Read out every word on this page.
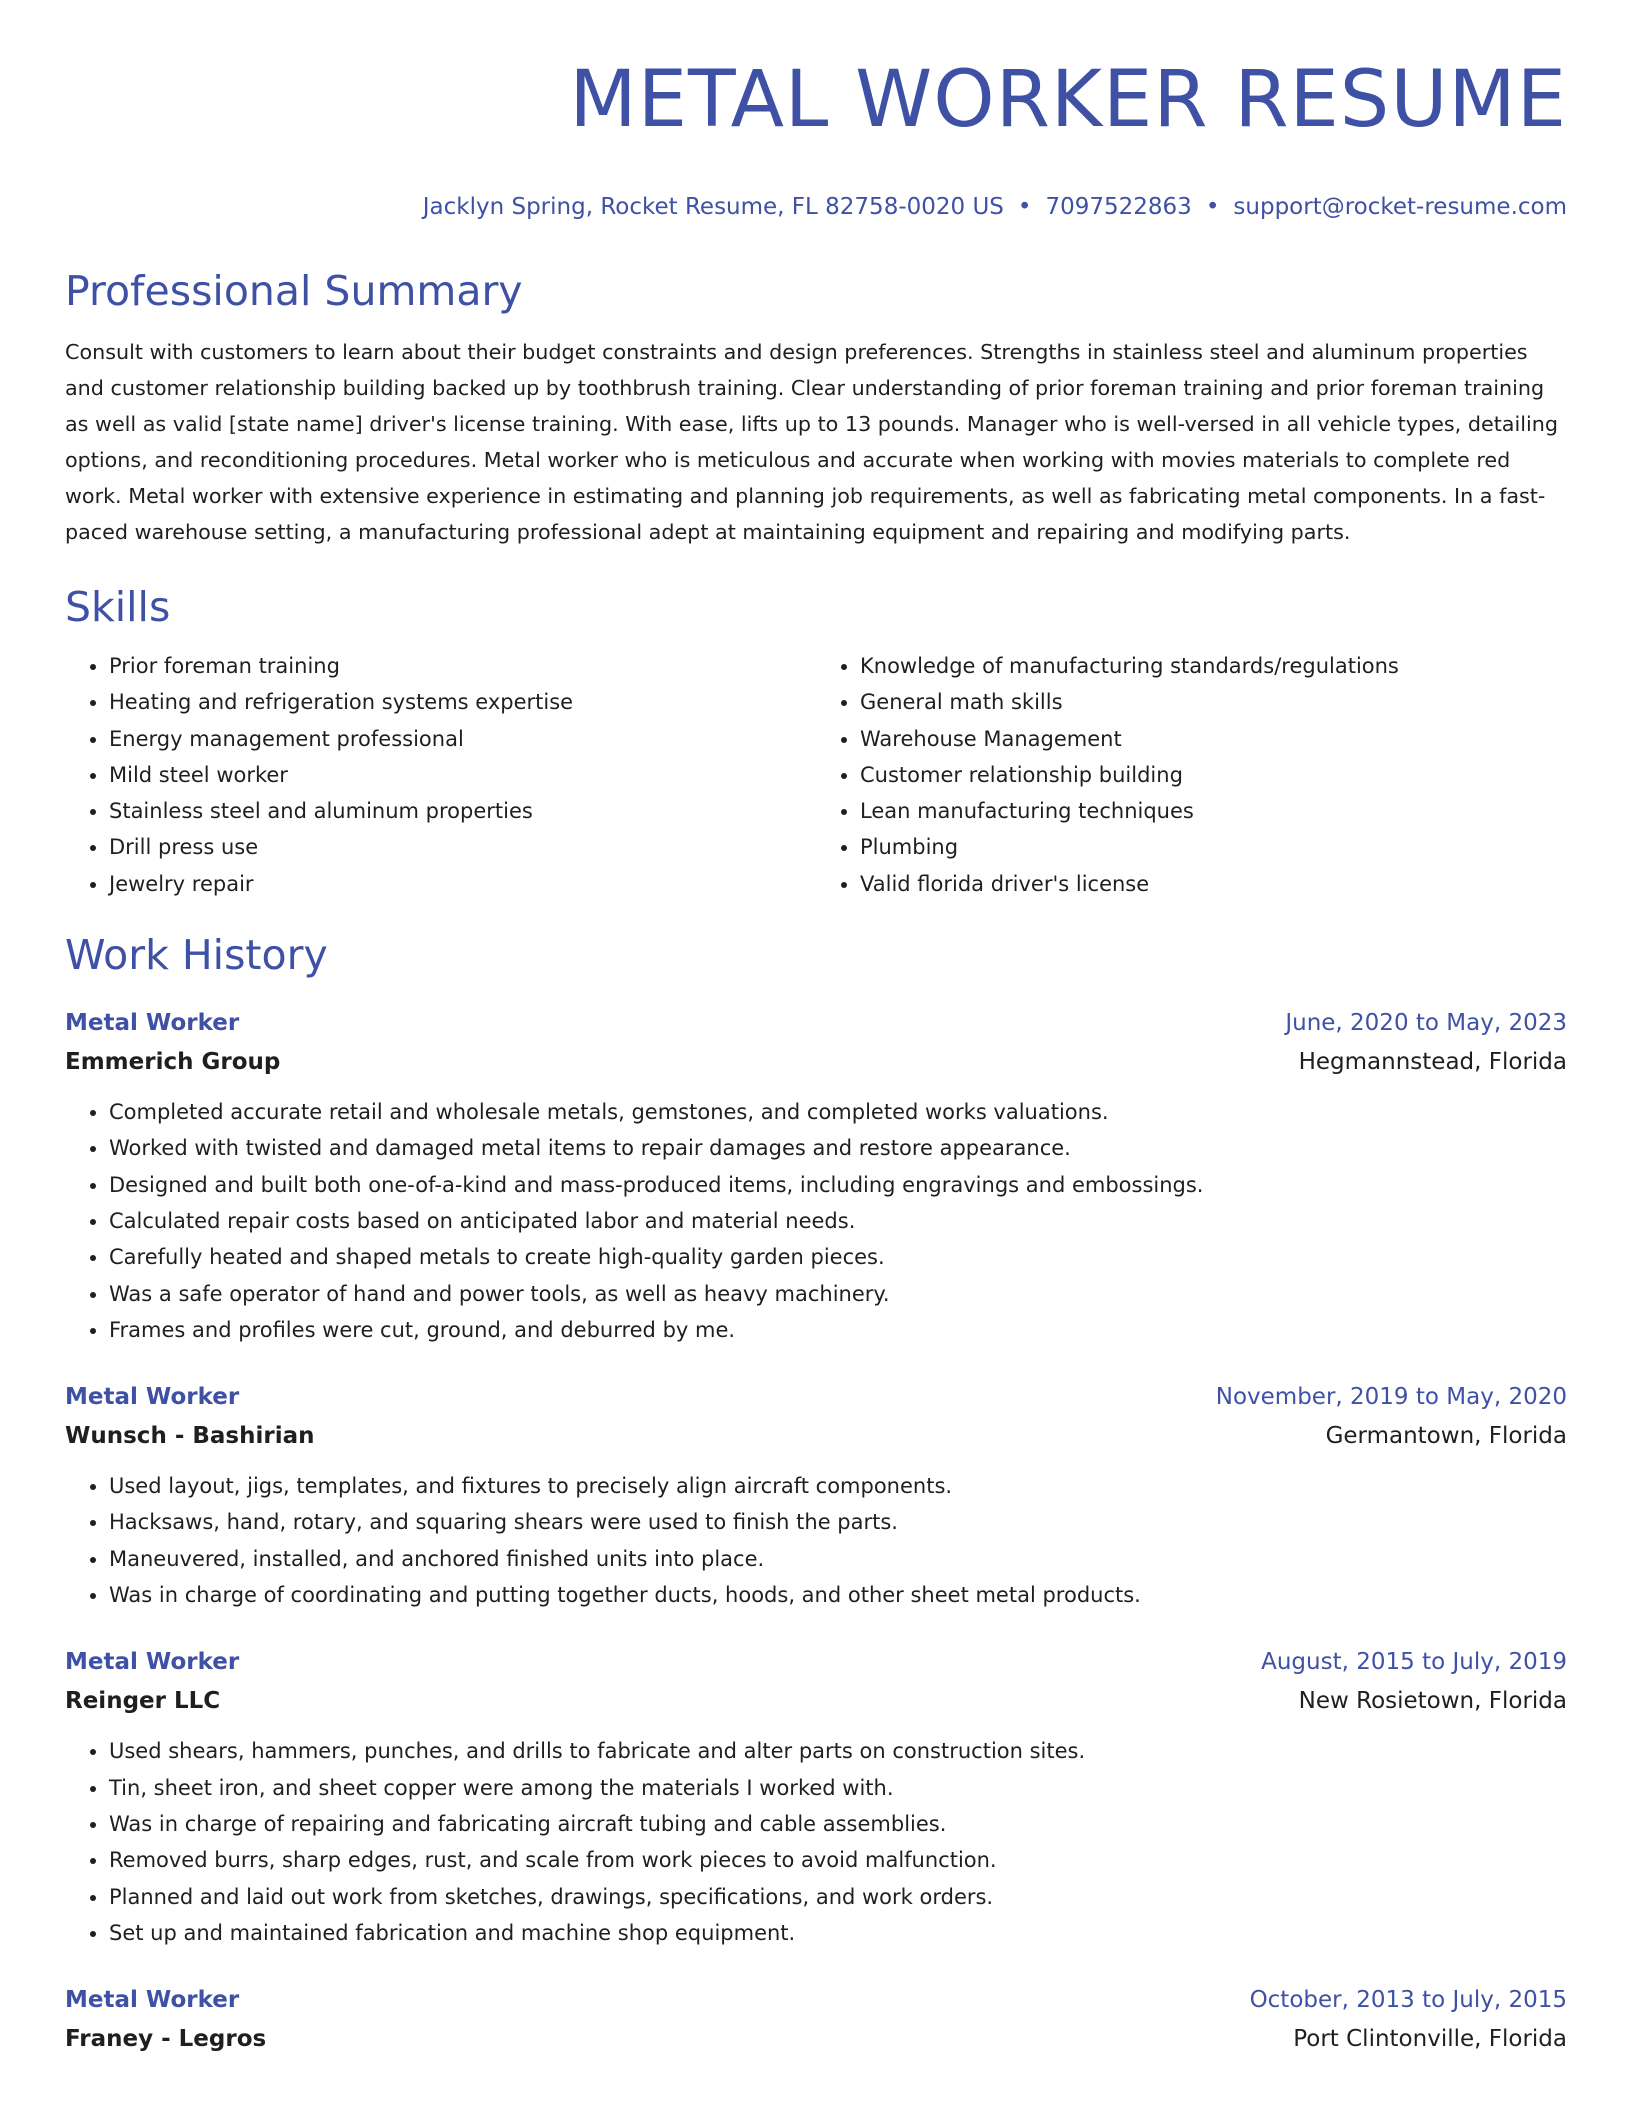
METAL WORKER RESUME
Jacklyn Spring, Rocket Resume, FL 82758-0020 US • 7097522863 • support@rocket-resume.com
Professional Summary
Consult with customers to learn about their budget constraints and design preferences. Strengths in stainless steel and aluminum properties and customer relationship building backed up by toothbrush training. Clear understanding of prior foreman training and prior foreman training as well as valid [state name] driver's license training. With ease, lifts up to 13 pounds. Manager who is well-versed in all vehicle types, detailing options, and reconditioning procedures. Metal worker who is meticulous and accurate when working with movies materials to complete red work. Metal worker with extensive experience in estimating and planning job requirements, as well as fabricating metal components. In a fast-paced warehouse setting, a manufacturing professional adept at maintaining equipment and repairing and modifying parts.
Skills
• Prior foreman training
• Heating and refrigeration systems expertise
• Energy management professional
• Mild steel worker
• Stainless steel and aluminum properties
• Drill press use
• Jewelry repair
• Knowledge of manufacturing standards/regulations
• General math skills
• Warehouse Management
• Customer relationship building
• Lean manufacturing techniques
• Plumbing
• Valid florida driver's license
Work History
Metal Worker	June, 2020 to May, 2023
Emmerich Group	Hegmannstead, Florida
• Completed accurate retail and wholesale metals, gemstones, and completed works valuations.
• Worked with twisted and damaged metal items to repair damages and restore appearance.
• Designed and built both one-of-a-kind and mass-produced items, including engravings and embossings.
• Calculated repair costs based on anticipated labor and material needs.
• Carefully heated and shaped metals to create high-quality garden pieces.
• Was a safe operator of hand and power tools, as well as heavy machinery.
• Frames and profiles were cut, ground, and deburred by me.
Metal Worker	November, 2019 to May, 2020
Wunsch - Bashirian	Germantown, Florida
• Used layout, jigs, templates, and fixtures to precisely align aircraft components.
• Hacksaws, hand, rotary, and squaring shears were used to finish the parts.
• Maneuvered, installed, and anchored finished units into place.
• Was in charge of coordinating and putting together ducts, hoods, and other sheet metal products.
Metal Worker	August, 2015 to July, 2019
Reinger LLC	New Rosietown, Florida
• Used shears, hammers, punches, and drills to fabricate and alter parts on construction sites.
• Tin, sheet iron, and sheet copper were among the materials I worked with.
• Was in charge of repairing and fabricating aircraft tubing and cable assemblies.
• Removed burrs, sharp edges, rust, and scale from work pieces to avoid malfunction.
• Planned and laid out work from sketches, drawings, specifications, and work orders.
• Set up and maintained fabrication and machine shop equipment.
Metal Worker	October, 2013 to July, 2015
Franey - Legros	Port Clintonville, Florida
